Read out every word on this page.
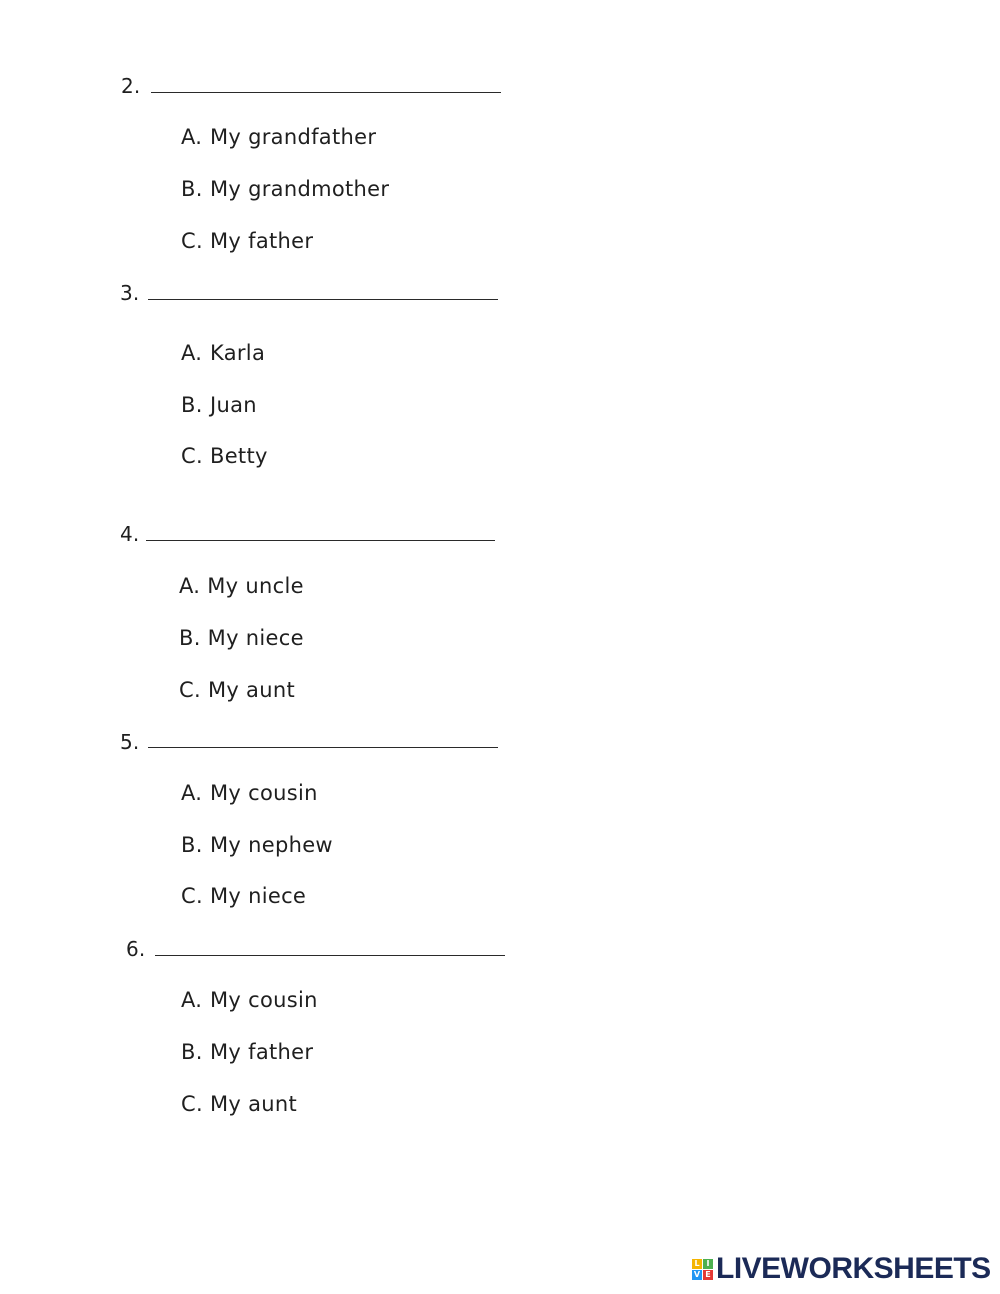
2.
A. My grandfather
B. My grandmother
C. My father
3.
A. Karla
B. Juan
C. Betty
4.
A. My uncle
B. My niece
C. My aunt
5.
A. My cousin
B. My nephew
C. My niece
6.
A. My cousin
B. My father
C. My aunt
L I
V E LIVEWORKSHEETS
